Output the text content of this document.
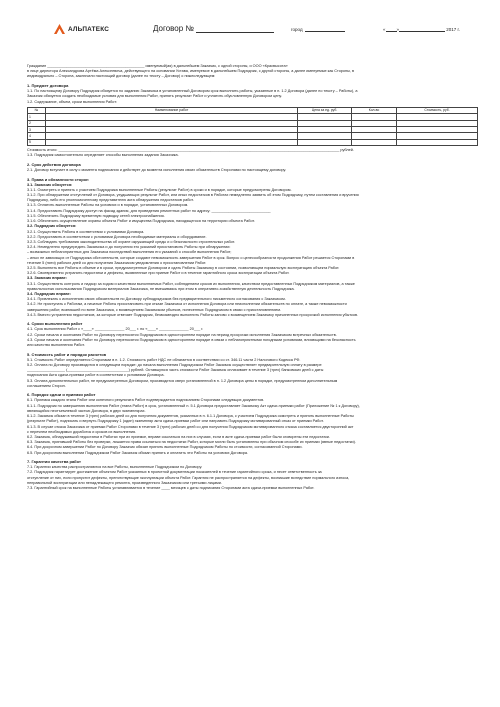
АЛЬПАТЕКС	Договор №	город	« »	2017 г.
Гражданин ______________________________________________ именуемый(ая) в дальнейшем Заказчик, с одной стороны, и ООО «Красвысота»
в лице директора Александрова Артёма Алексеевича, действующего на основании Устава, именуемое в дальнейшем Подрядчик, с другой стороны, а далее именуемые как Стороны, в
индивидуально – Сторона, заключили настоящий договор (далее по тексту – Договор) о нижеследующем:
1. Предмет договора
1.1. По настоящему Договору Подрядчик обязуется по заданию Заказчика в установленный Договором срок выполнить работы, указанные в п. 1.2 Договора (далее по тексту – Работы), а
Заказчик обязуется создать необходимые условия для выполнения Работ, принять результат Работ и уплатить обусловленную Договором цену.
1.2. Содержание, объем, сроки выполнения Работ:
№	Наименование работ	Цена за ед. руб.	Кол-во	Стоимость, руб.
1				
2				
3				
4				
5				
Стоимость итого: _____________________________________________________________________________________________________________________________________ рублей.
1.3. Подрядчик самостоятельно определяет способы выполнения задания Заказчика.
2. Срок действия договора
2.1. Договор вступает в силу с момента подписания и действует до момента исполнения своих обязательств Сторонами по настоящему договору.
3. Права и обязанности сторон
3.1. Заказчик обязуется:
3.1.1. Осмотреть и принять с участием Подрядчика выполненные Работы (результат Работ) в сроки и в порядке, которые предусмотрены Договором.
3.1.2. При обнаружении отступлений от Договора, ухудшающих результат Работ, или иных недостатков в Работах немедленно заявить об этом Подрядчику, путем составления и вручения
Подрядчику, либо его уполномоченному представителю акта обнаружения недостатков работ.
3.1.3. Оплатить выполненные Работы на условиях и в порядке, установленных Договором.
3.1.4. Предоставить Подрядчику доступ на фасад здания, для проведения ремонтных работ по адресу: ____________________________
3.1.5. Обеспечить Подрядчику временную подводку сетей электроснабжения.
3.1.6. Обеспечить осуществление охраны объекта Работ и имущества Подрядчика, находящегося на территории объекта Работ.
3.2. Подрядчик обязуется:
3.2.1. Осуществить Работы в соответствии с условиями Договора.
3.2.2. Предоставить в соответствии с условиями Договора необходимые материалы и оборудование.
3.2.3. Соблюдать требования законодательства об охране окружающей среды и о безопасности строительных работ.
3.2.4. Немедленно предупредить Заказчика и до получения его указаний приостановить Работы при обнаружении:
– возможных неблагоприятных для Заказчика последствий выполнения его указаний о способе выполнения Работ;
– иных не зависящих от Подрядчика обстоятельств, которые создают невозможность завершения Работ в срок. Вопрос о целесообразности продолжения Работ решается Сторонами в
течение 5 (пяти) рабочих дней со дня получения Заказчиком уведомления о приостановлении Работ.
3.2.5. Выполнить все Работы в объеме и в сроки, предусмотренные Договором и сдать Работы Заказчику в состоянии, позволяющем нормальную эксплуатацию объекта Работ.
3.2.6. Своевременно устранить недостатки и дефекты, выявленные при приеме Работ и в течение гарантийного срока эксплуатации объекта Работ.
3.3. Заказчик вправе:
3.3.1. Осуществлять контроль и надзор за ходом и качеством выполняемых Работ, соблюдением сроков их выполнения, качеством предоставленных Подрядчиком материалов, а также
правильностью использования Подрядчиком материалов Заказчика, не вмешиваясь при этом в оперативно-хозяйственную деятельность Подрядчика.
3.4. Подрядчик вправе:
3.4.1. Привлекать к исполнению своих обязательств по Договору субподрядчиков без предварительного письменного согласования с Заказчиком.
3.4.2. Не приступать к Работам, а начатые Работы приостановить при отказе Заказчика от исполнения Договора или неисполнении обязательств по оплате, а также невозможности
завершения работ, возникшей по вине Заказчика, с возмещением Заказчиком убытков, понесенных Подрядчиком в связи с приостановлением.
3.4.3. Вместо устранения недостатков, за которые отвечает Подрядчик, безвозмездно выполнить Работы заново с возмещением Заказчику причиненных просрочкой исполнения убытков.
4. Сроки выполнения работ
4.1. Срок выполнения Работ с «____» ______________ 20___ г. по «____» ______________ 20___ г.
4.2. Сроки начала и окончания Работ по Договору переносятся Подрядчиком в одностороннем порядке на период просрочки исполнения Заказчиком встречных обязательств.
4.3. Сроки начала и окончания Работ по Договору переносятся Подрядчиком в одностороннем порядке в связи с неблагоприятными погодными условиями, влияющими на безопасность
или качество выполнения Работ.
5. Стоимость работ и порядок расчетов
5.1. Стоимость Работ определяется Сторонами в п. 1.2. Стоимость работ НДС не облагается в соответствии со ст. 346.11 части 2 Налогового Кодекса РФ.
5.2. Оплата по Договору производится в следующем порядке: до начала выполнения Подрядчиком Работ Заказчик осуществляет предварительную оплату в размере
__________________ (_____________________________) рублей. Оставшуюся часть стоимости Работ Заказчик оплачивает в течение 3 (трех) банковских дней с даты
подписания Акта сдачи-приемки работ в соответствии с условиями Договора.
5.3. Оплата дополнительных работ, не предусмотренных Договором, производится сверх установленной в п. 1.2 Договора цены в порядке, предусмотренном дополнительным
соглашением Сторон.
6. Порядок сдачи и приемки работ
6.1. Приемка каждого этапа Работ или конечного результата Работ подтверждается подписанием Сторонами следующих документов.
6.1.1. Подрядчик по завершению выполнения Работ (этапа Работ) в срок, установленный п. 5.1 Договора предоставляет Заказчику Акт сдачи-приемки работ (Приложение № 1 к Договору),
являющийся неотъемлемой частью Договора, в двух экземплярах.
6.1.2. Заказчик обязан в течение 3 (трех) рабочих дней со дня получения документов, указанных в п. 6.1.1 Договора, с участием Подрядчика осмотреть и принять выполненные Работы
(результат Работ), подписать и вернуть Подрядчику 1 (один) экземпляр акта сдачи-приемки работ или направить Подрядчику мотивированный отказ от приемки Работ.
6.1.3. В случае отказа Заказчика от приемки Работ Сторонами в течение 3 (трех) рабочих дней со дня получения Подрядчиком мотивированного отказа составляется двусторонний акт
с перечнем необходимых доработок и сроков их выполнения.
6.2. Заказчик, обнаруживший недостатки в Работах при их приемке, вправе ссылаться на них в случаях, если в акте сдачи-приемки работ были оговорены эти недостатки.
6.3. Заказчик, принявший Работы без проверки, лишается права ссылаться на недостатки Работ, которые могли быть установлены при обычном способе их приемки (явные недостатки).
6.4. При досрочном завершении Работ по Договору Заказчик обязан принять выполненные Подрядчиком Работы по стоимости, согласованной Сторонами.
6.5. При досрочном выполнении Подрядчиком Работ Заказчик обязан принять и оплатить эти Работы на условиях Договора.
7. Гарантии качества работ
7.1. Гарантии качества распространяются на все Работы, выполненные Подрядчиком по Договору.
7.2. Подрядчик гарантирует достижение объектом Работ указанных в проектной документации показателей в течение гарантийного срока, и несет ответственность за
отступление от них, если пропустит дефекты, препятствующие эксплуатации объекта Работ. Гарантия не распространяется на дефекты, возникшие вследствие нормального износа,
неправильной эксплуатации или ненадлежащего ремонта, произведенного Заказчиком или третьими лицами.
7.3. Гарантийный срок на выполненные Работы устанавливается в течение ____ месяцев с даты подписания Сторонами акта сдачи-приемки выполненных Работ.
